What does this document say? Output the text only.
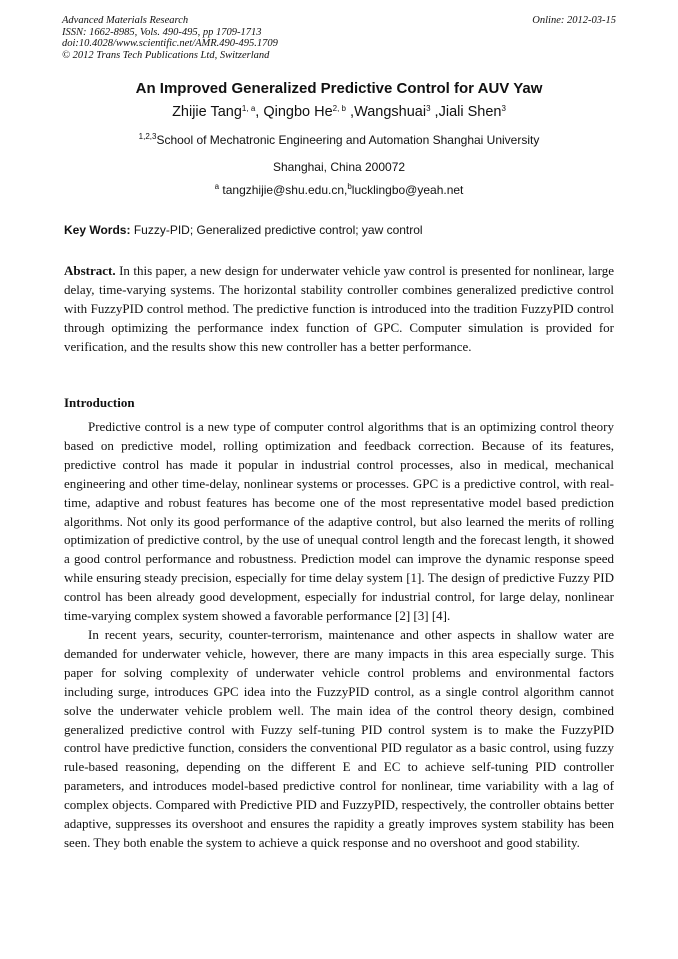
Advanced Materials Research
ISSN: 1662-8985, Vols. 490-495, pp 1709-1713
doi:10.4028/www.scientific.net/AMR.490-495.1709
© 2012 Trans Tech Publications Ltd, Switzerland
Online: 2012-03-15
An Improved Generalized Predictive Control for AUV Yaw
Zhijie Tang$^{1, a}$, Qingbo He$^{2, b}$ ,Wangshuai$^3$ ,Jiali Shen$^3$
$^{1,2,3}$School of Mechatronic Engineering and Automation Shanghai University
Shanghai, China 200072
$^a$ tangzhijie@shu.edu.cn,$^b$lucklingbo@yeah.net
Key Words: Fuzzy-PID; Generalized predictive control; yaw control

Abstract. In this paper, a new design for underwater vehicle yaw control is presented for nonlinear, large delay, time-varying systems. The horizontal stability controller combines generalized predictive control with FuzzyPID control method. The predictive function is introduced into the tradition FuzzyPID control through optimizing the performance index function of GPC. Computer simulation is provided for verification, and the results show this new controller has a better performance.

Introduction

Predictive control is a new type of computer control algorithms that is an optimizing control theory based on predictive model, rolling optimization and feedback correction. Because of its features, predictive control has made it popular in industrial control processes, also in medical, mechanical engineering and other time-delay, nonlinear systems or processes. GPC is a predictive control, with real-time, adaptive and robust features has become one of the most representative model based prediction algorithms. Not only its good performance of the adaptive control, but also learned the merits of rolling optimization of predictive control, by the use of unequal control length and the forecast length, it showed a good control performance and robustness. Prediction model can improve the dynamic response speed while ensuring steady precision, especially for time delay system [1]. The design of predictive Fuzzy PID control has been already good development, especially for industrial control, for large delay, nonlinear time-varying complex system showed a favorable performance [2] [3] [4].

In recent years, security, counter-terrorism, maintenance and other aspects in shallow water are demanded for underwater vehicle, however, there are many impacts in this area especially surge. This paper for solving complexity of underwater vehicle control problems and environmental factors including surge, introduces GPC idea into the FuzzyPID control, as a single control algorithm cannot solve the underwater vehicle problem well. The main idea of the control theory design, combined generalized predictive control with Fuzzy self-tuning PID control system is to make the FuzzyPID control have predictive function, considers the conventional PID regulator as a basic control, using fuzzy rule-based reasoning, depending on the different E and EC to achieve self-tuning PID controller parameters, and introduces model-based predictive control for nonlinear, time variability with a lag of complex objects. Compared with Predictive PID and FuzzyPID, respectively, the controller obtains better adaptive, suppresses its overshoot and ensures the rapidity a greatly improves system stability has been seen. They both enable the system to achieve a quick response and no overshoot and good stability.
